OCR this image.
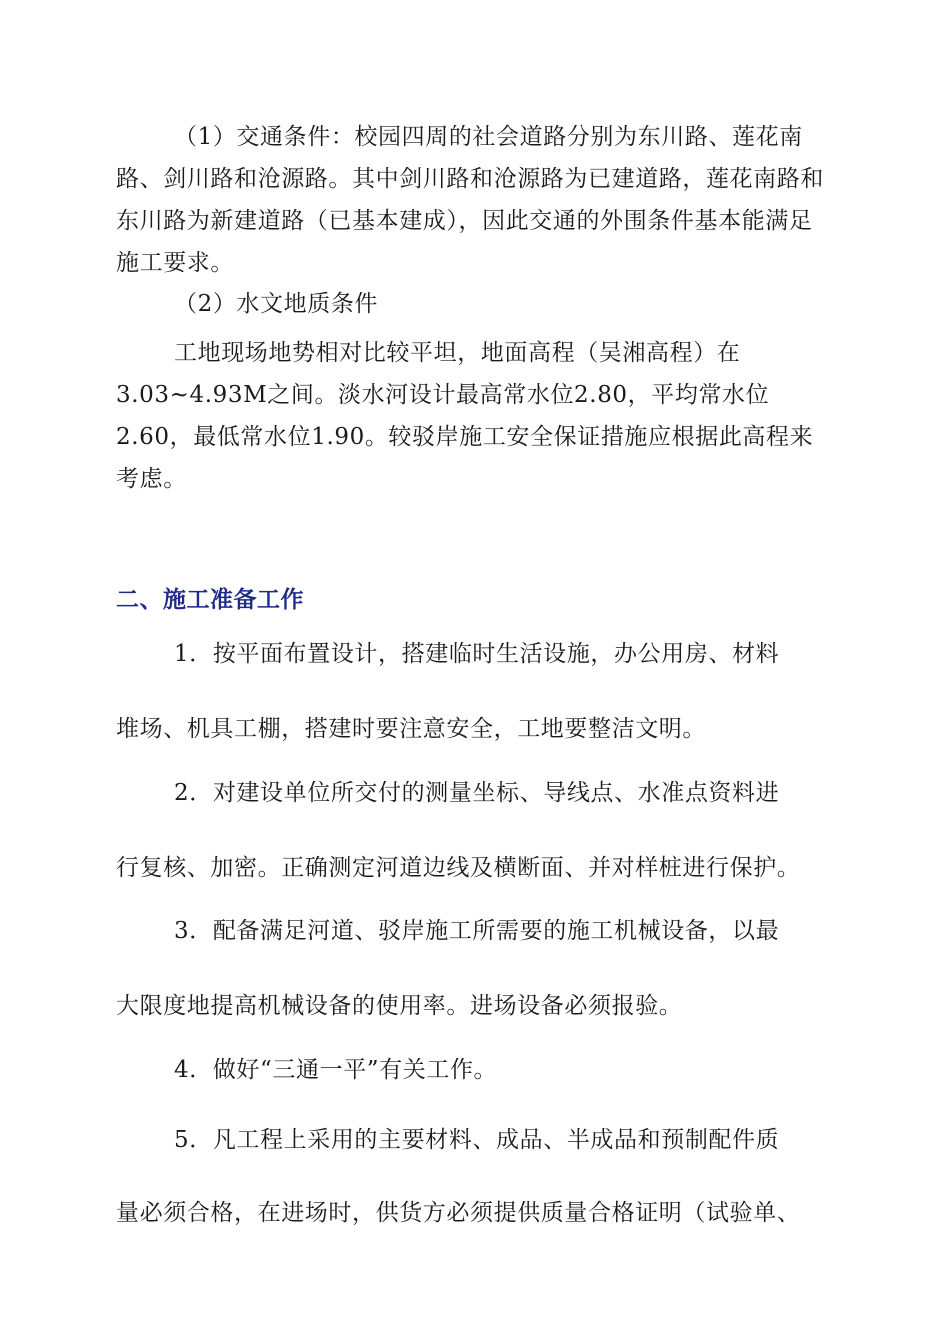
（1）交通条件：校园四周的社会道路分别为东川路、莲花南路、剑川路和沧源路。其中剑川路和沧源路为已建道路，莲花南路和东川路为新建道路（已基本建成），因此交通的外围条件基本能满足施工要求。

（2）水文地质条件

工地现场地势相对比较平坦，地面高程（吴湘高程）在3.03~4.93M之间。淡水河设计最高常水位2.80，平均常水位2.60，最低常水位1.90。较驳岸施工安全保证措施应根据此高程来考虑。

二、施工准备工作
1．按平面布置设计，搭建临时生活设施，办公用房、材料
堆场、机具工棚，搭建时要注意安全，工地要整洁文明。
2．对建设单位所交付的测量坐标、导线点、水准点资料进
行复核、加密。正确测定河道边线及横断面、并对样桩进行保护。
3．配备满足河道、驳岸施工所需要的施工机械设备，以最
大限度地提高机械设备的使用率。进场设备必须报验。
4．做好“三通一平”有关工作。
5．凡工程上采用的主要材料、成品、半成品和预制配件质
量必须合格，在进场时，供货方必须提供质量合格证明（试验单、
